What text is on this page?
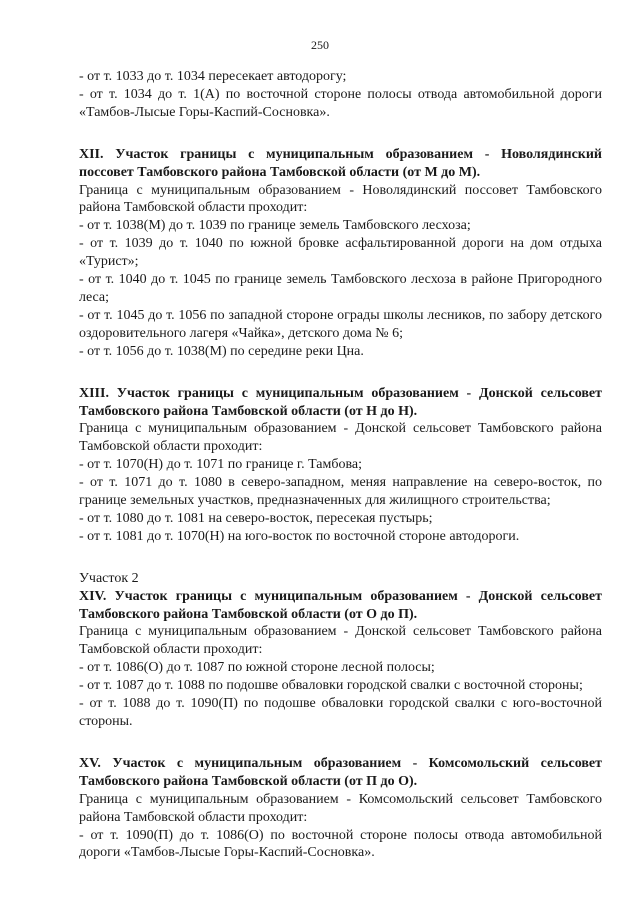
250

- от т. 1033 до т. 1034 пересекает автодорогу;

- от т. 1034 до т. 1(А) по восточной стороне полосы отвода автомобильной дороги «Тамбов-Лысые Горы-Каспий-Сосновка».

XII. Участок границы с муниципальным образованием - Новолядинский поссовет Тамбовского района Тамбовской области (от М до М).

Граница с муниципальным образованием - Новолядинский поссовет Тамбовского района Тамбовской области проходит:

- от т. 1038(М) до т. 1039 по границе земель Тамбовского лесхоза;

- от т. 1039 до т. 1040 по южной бровке асфальтированной дороги на дом отдыха «Турист»;

- от т. 1040 до т. 1045 по границе земель Тамбовского лесхоза в районе Пригородного леса;

- от т. 1045 до т. 1056 по западной стороне ограды школы лесников, по забору детского оздоровительного лагеря «Чайка», детского дома № 6;

- от т. 1056 до т. 1038(М) по середине реки Цна.

XIII. Участок границы с муниципальным образованием - Донской сельсовет Тамбовского района Тамбовской области (от Н до Н).

Граница с муниципальным образованием - Донской сельсовет Тамбовского района Тамбовской области проходит:

- от т. 1070(Н) до т. 1071 по границе г. Тамбова;

- от т. 1071 до т. 1080 в северо-западном, меняя направление на северо-восток, по границе земельных участков, предназначенных для жилищного строительства;

- от т. 1080 до т. 1081 на северо-восток, пересекая пустырь;

- от т. 1081 до т. 1070(Н) на юго-восток по восточной стороне автодороги.

Участок 2

XIV. Участок границы с муниципальным образованием - Донской сельсовет Тамбовского района Тамбовской области (от О до П).

Граница с муниципальным образованием - Донской сельсовет Тамбовского района Тамбовской области проходит:

- от т. 1086(О) до т. 1087 по южной стороне лесной полосы;

- от т. 1087 до т. 1088 по подошве обваловки городской свалки с восточной стороны;

- от т. 1088 до т. 1090(П) по подошве обваловки городской свалки с юго-восточной стороны.

XV. Участок с муниципальным образованием - Комсомольский сельсовет Тамбовского района Тамбовской области (от П до О).

Граница с муниципальным образованием - Комсомольский сельсовет Тамбовского района Тамбовской области проходит:

- от т. 1090(П) до т. 1086(О) по восточной стороне полосы отвода автомобильной дороги «Тамбов-Лысые Горы-Каспий-Сосновка».
